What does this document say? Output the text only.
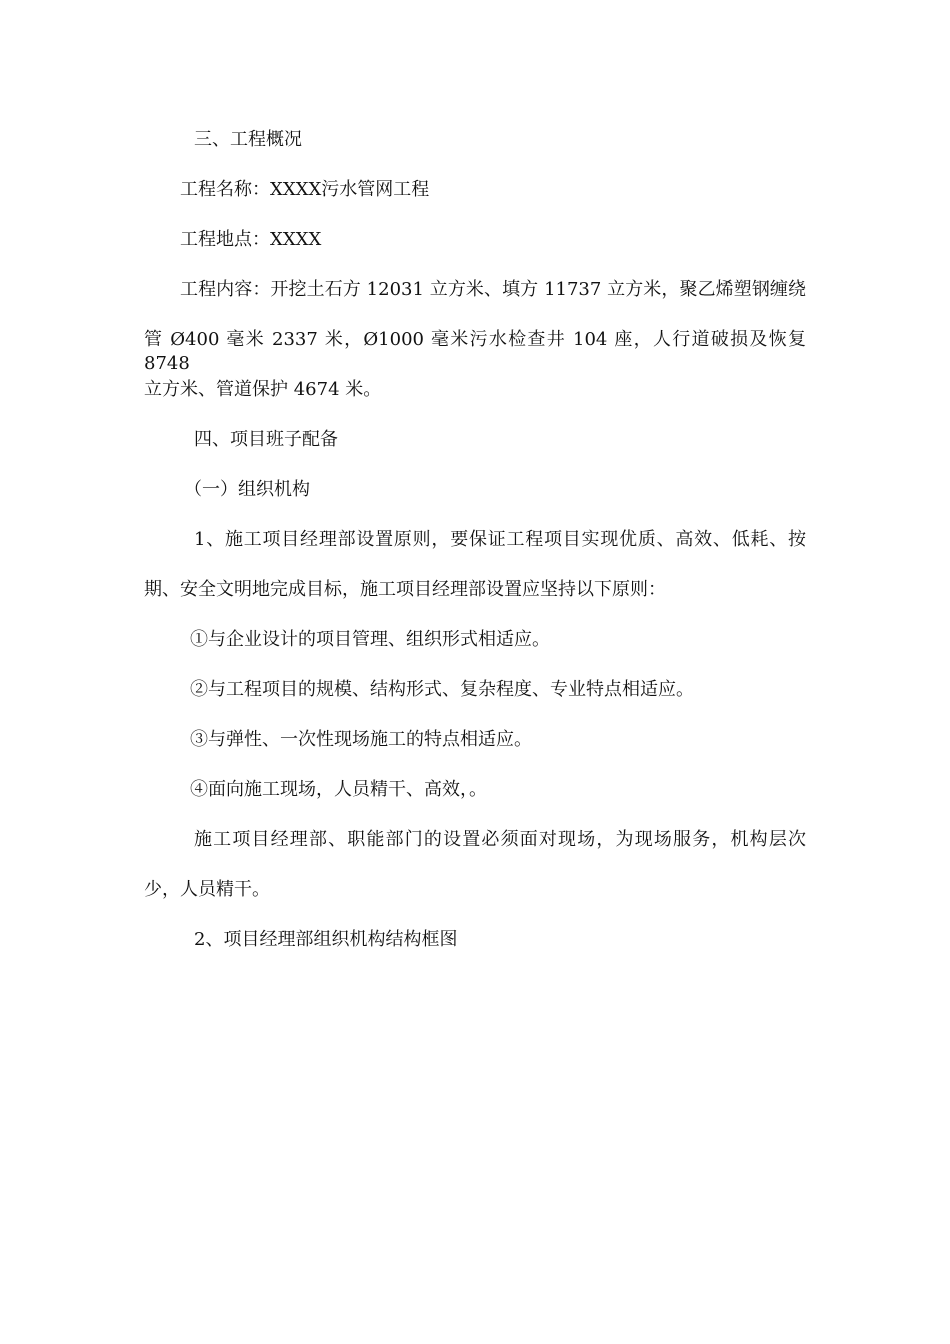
三、工程概况
工程名称：XXXX污水管网工程
工程地点：XXXX
工程内容：开挖土石方 12031 立方米、填方 11737 立方米，聚乙烯塑钢缠绕
管 Ø400 毫米 2337 米，Ø1000 毫米污水检查井 104 座，人行道破损及恢复 8748
立方米、管道保护 4674 米。
四、项目班子配备
（一）组织机构
1、施工项目经理部设置原则，要保证工程项目实现优质、高效、低耗、按
期、安全文明地完成目标，施工项目经理部设置应坚持以下原则：
①与企业设计的项目管理、组织形式相适应。
②与工程项目的规模、结构形式、复杂程度、专业特点相适应。
③与弹性、一次性现场施工的特点相适应。
④面向施工现场，人员精干、高效，。
施工项目经理部、职能部门的设置必须面对现场，为现场服务，机构层次
少，人员精干。
2、项目经理部组织机构结构框图
